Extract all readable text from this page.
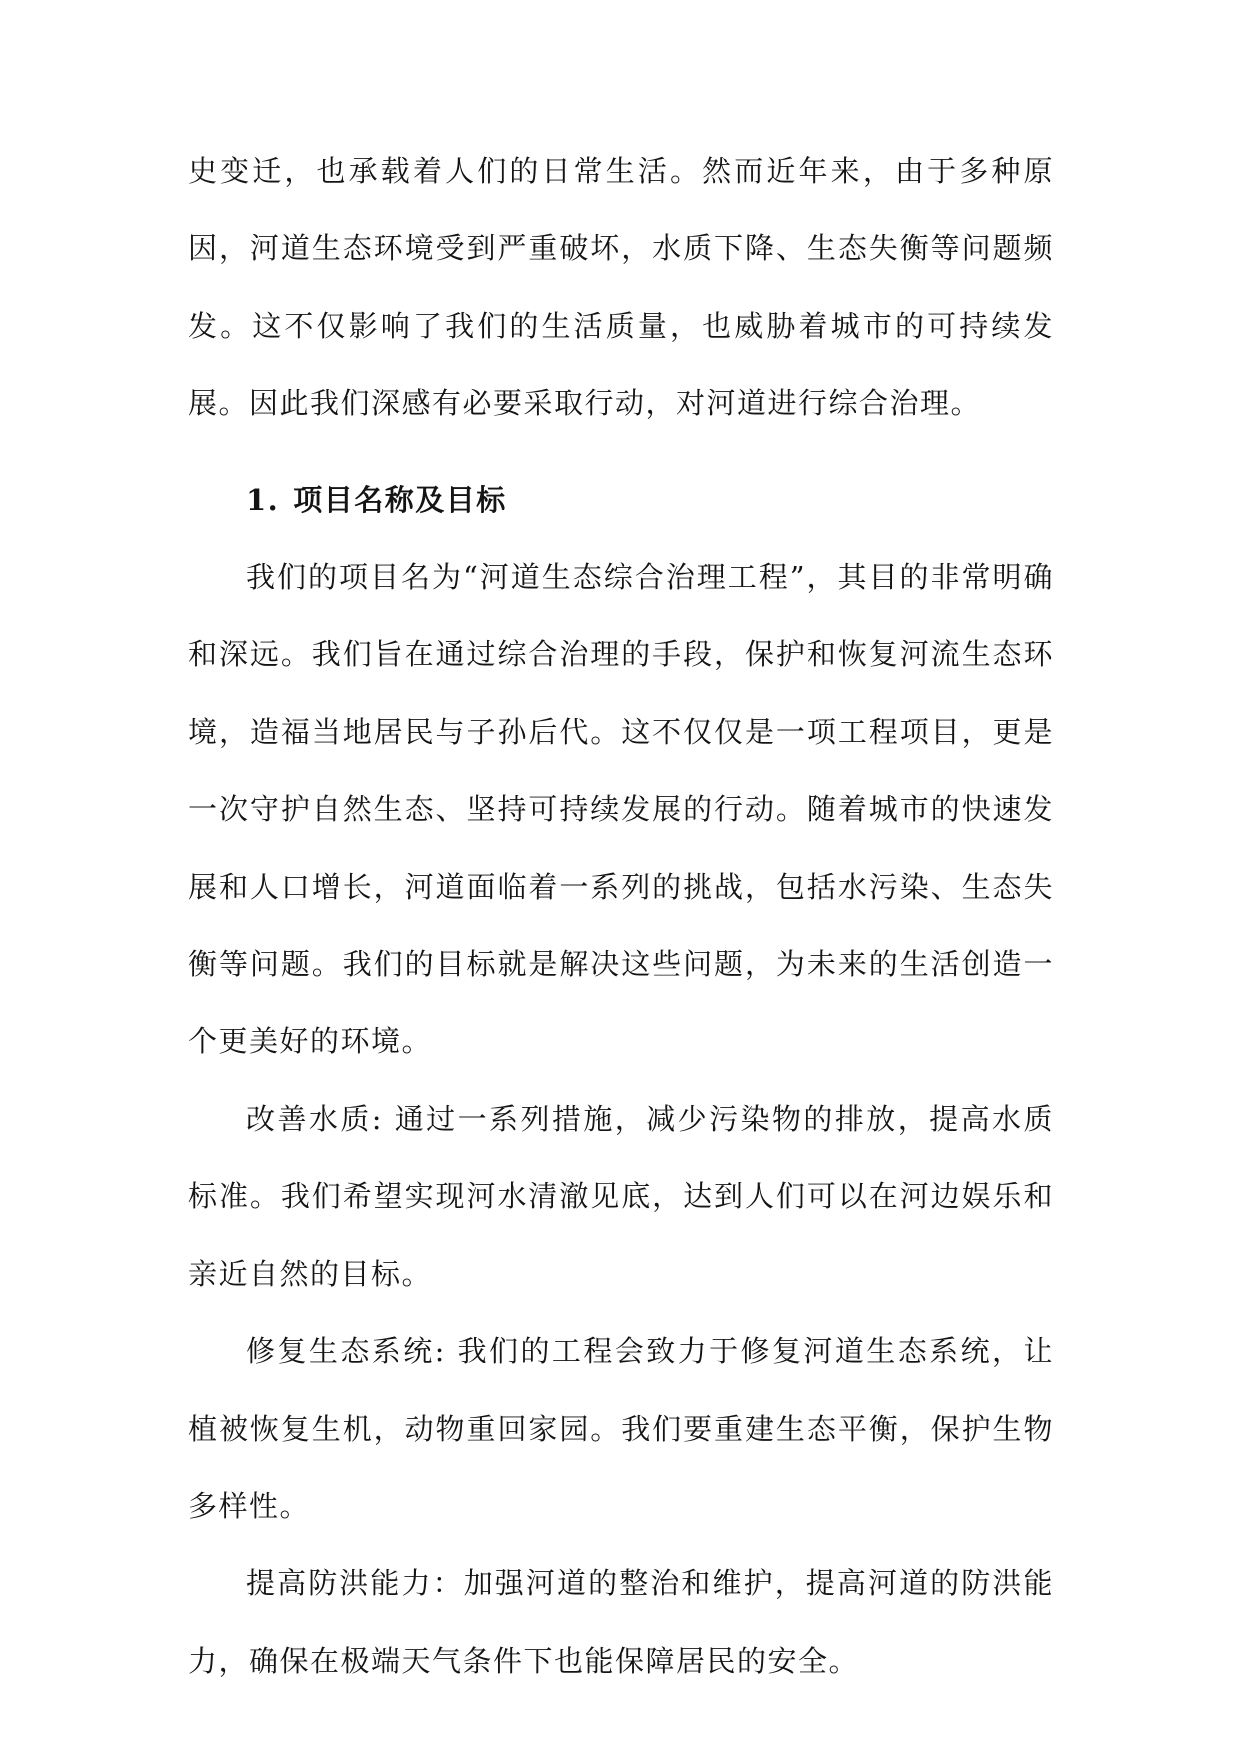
史变迁，也承载着人们的日常生活。然而近年来，由于多种原因，河道生态环境受到严重破坏，水质下降、生态失衡等问题频发。这不仅影响了我们的生活质量，也威胁着城市的可持续发展。因此我们深感有必要采取行动，对河道进行综合治理。

1. 项目名称及目标

我们的项目名为“河道生态综合治理工程”，其目的非常明确和深远。我们旨在通过综合治理的手段，保护和恢复河流生态环境，造福当地居民与子孙后代。这不仅仅是一项工程项目，更是一次守护自然生态、坚持可持续发展的行动。随着城市的快速发展和人口增长，河道面临着一系列的挑战，包括水污染、生态失衡等问题。我们的目标就是解决这些问题，为未来的生活创造一个更美好的环境。

改善水质: 通过一系列措施，减少污染物的排放，提高水质标准。我们希望实现河水清澈见底，达到人们可以在河边娱乐和亲近自然的目标。

修复生态系统: 我们的工程会致力于修复河道生态系统，让植被恢复生机，动物重回家园。我们要重建生态平衡，保护生物多样性。

提高防洪能力：加强河道的整治和维护，提高河道的防洪能力，确保在极端天气条件下也能保障居民的安全。
